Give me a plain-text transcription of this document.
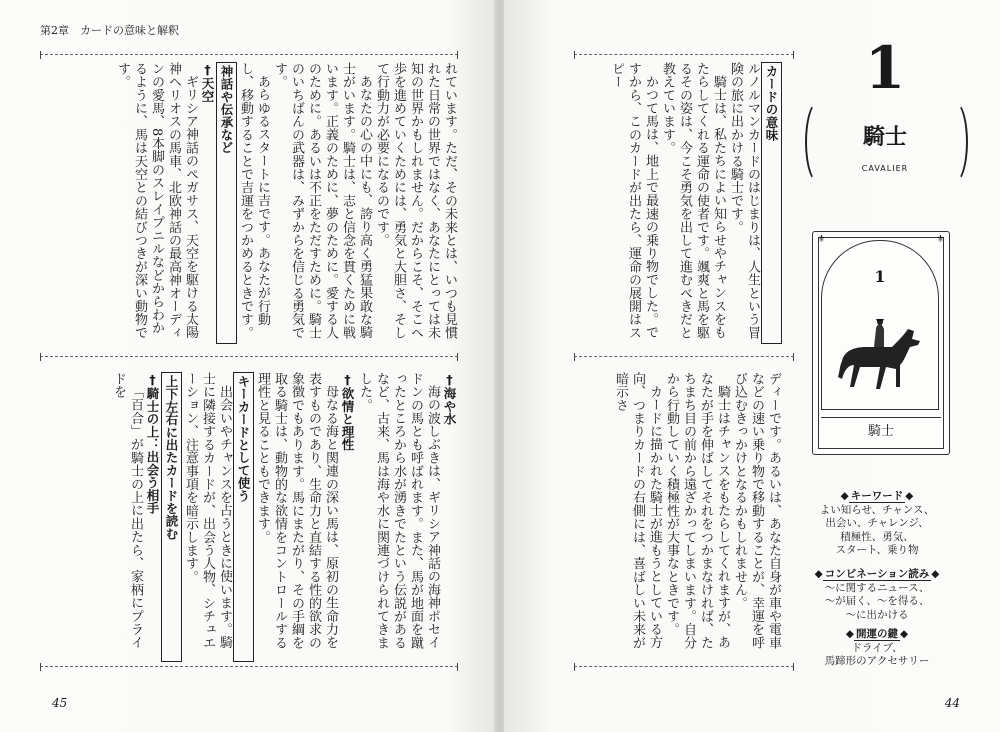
第2章　カードの意味と解釈

れています。ただ、その未来とは、いつも見慣れた日常の世界ではなく、あなたにとっては未知の世界かもしれません。だからこそ、そこへ歩を進めていくためには、勇気と大胆さ、そして行動力が必要になるのです。

あなたの心の中にも、誇り高く勇猛果敢な騎士がいます。騎士は、志と信念を貫くために戦います。正義のために、夢のために。愛する人のために。あるいは不正をただすために。騎士のいちばんの武器は、みずからを信じる勇気です。

あらゆるスタートに吉です。あなたが行動し、移動することで吉運をつかめるときです。

神話や伝承など
†天空

ギリシア神話のペガサス、天空を駆ける太陽神ヘリオスの馬車、北欧神話の最高神オーディンの愛馬、8本脚のスレイプニルなどからわかるように、馬は天空との結びつきが深い動物です。

†海や水

海の波しぶきは、ギリシア神話の海神ポセイドンの馬とも呼ばれます。また、馬が地面を蹴ったところから水が湧きでたという伝説があるなど、古来、馬は海や水に関連づけられてきました。

†欲情と理性

母なる海と関連の深い馬は、原初の生命力を表すものであり、生命力と直結する性的欲求の象徴でもあります。馬にまたがり、その手綱を取る騎士は、動物的な欲情をコントロールする理性と見ることもできます。

キーカードとして使う

出会いやチャンスを占うときに使います。騎士に隣接するカードが、出会う人物、シチュエーション、注意事項を暗示します。

上下左右に出たカードを読む
†騎士の上：出会う相手

「百合」が騎士の上に出たら、家柄にプライドを

45
カードの意味

ルノルマンカードのはじまりは、人生という冒険の旅に出かける騎士です。

騎士は、私たちによい知らせやチャンスをもたらしてくれる運命の使者です。颯爽と馬を駆るその姿は、今こそ勇気を出して進むべきだと教えています。

かつて馬は、地上で最速の乗り物でした。ですから、このカードが出たら、運命の展開はスピー

ディーです。あるいは、あなた自身が車や電車などの速い乗り物で移動することが、幸運を呼び込むきっかけとなるかもしれません。

騎士はチャンスをもたらしてくれますが、あなたが手を伸ばしてそれをつかまなければ、たちまち目の前から遠ざかってしまいます。自分から行動していく積極性が大事なときです。

カードに描かれた騎士が進もうとしている方向、つまりカードの右側には、喜ばしい未来が暗示さ

44
1
騎士
CAVALIER
⚜	⚜
1
騎士
◆ キーワード ◆
よい知らせ、チャンス、
出会い、チャレンジ、
積極性、勇気、
スタート、乗り物
◆ コンビネーション読み ◆
〜に関するニュース、
〜が届く、〜を得る、
〜に出かける
◆ 開運の鍵 ◆
ドライブ、
馬蹄形のアクセサリー
